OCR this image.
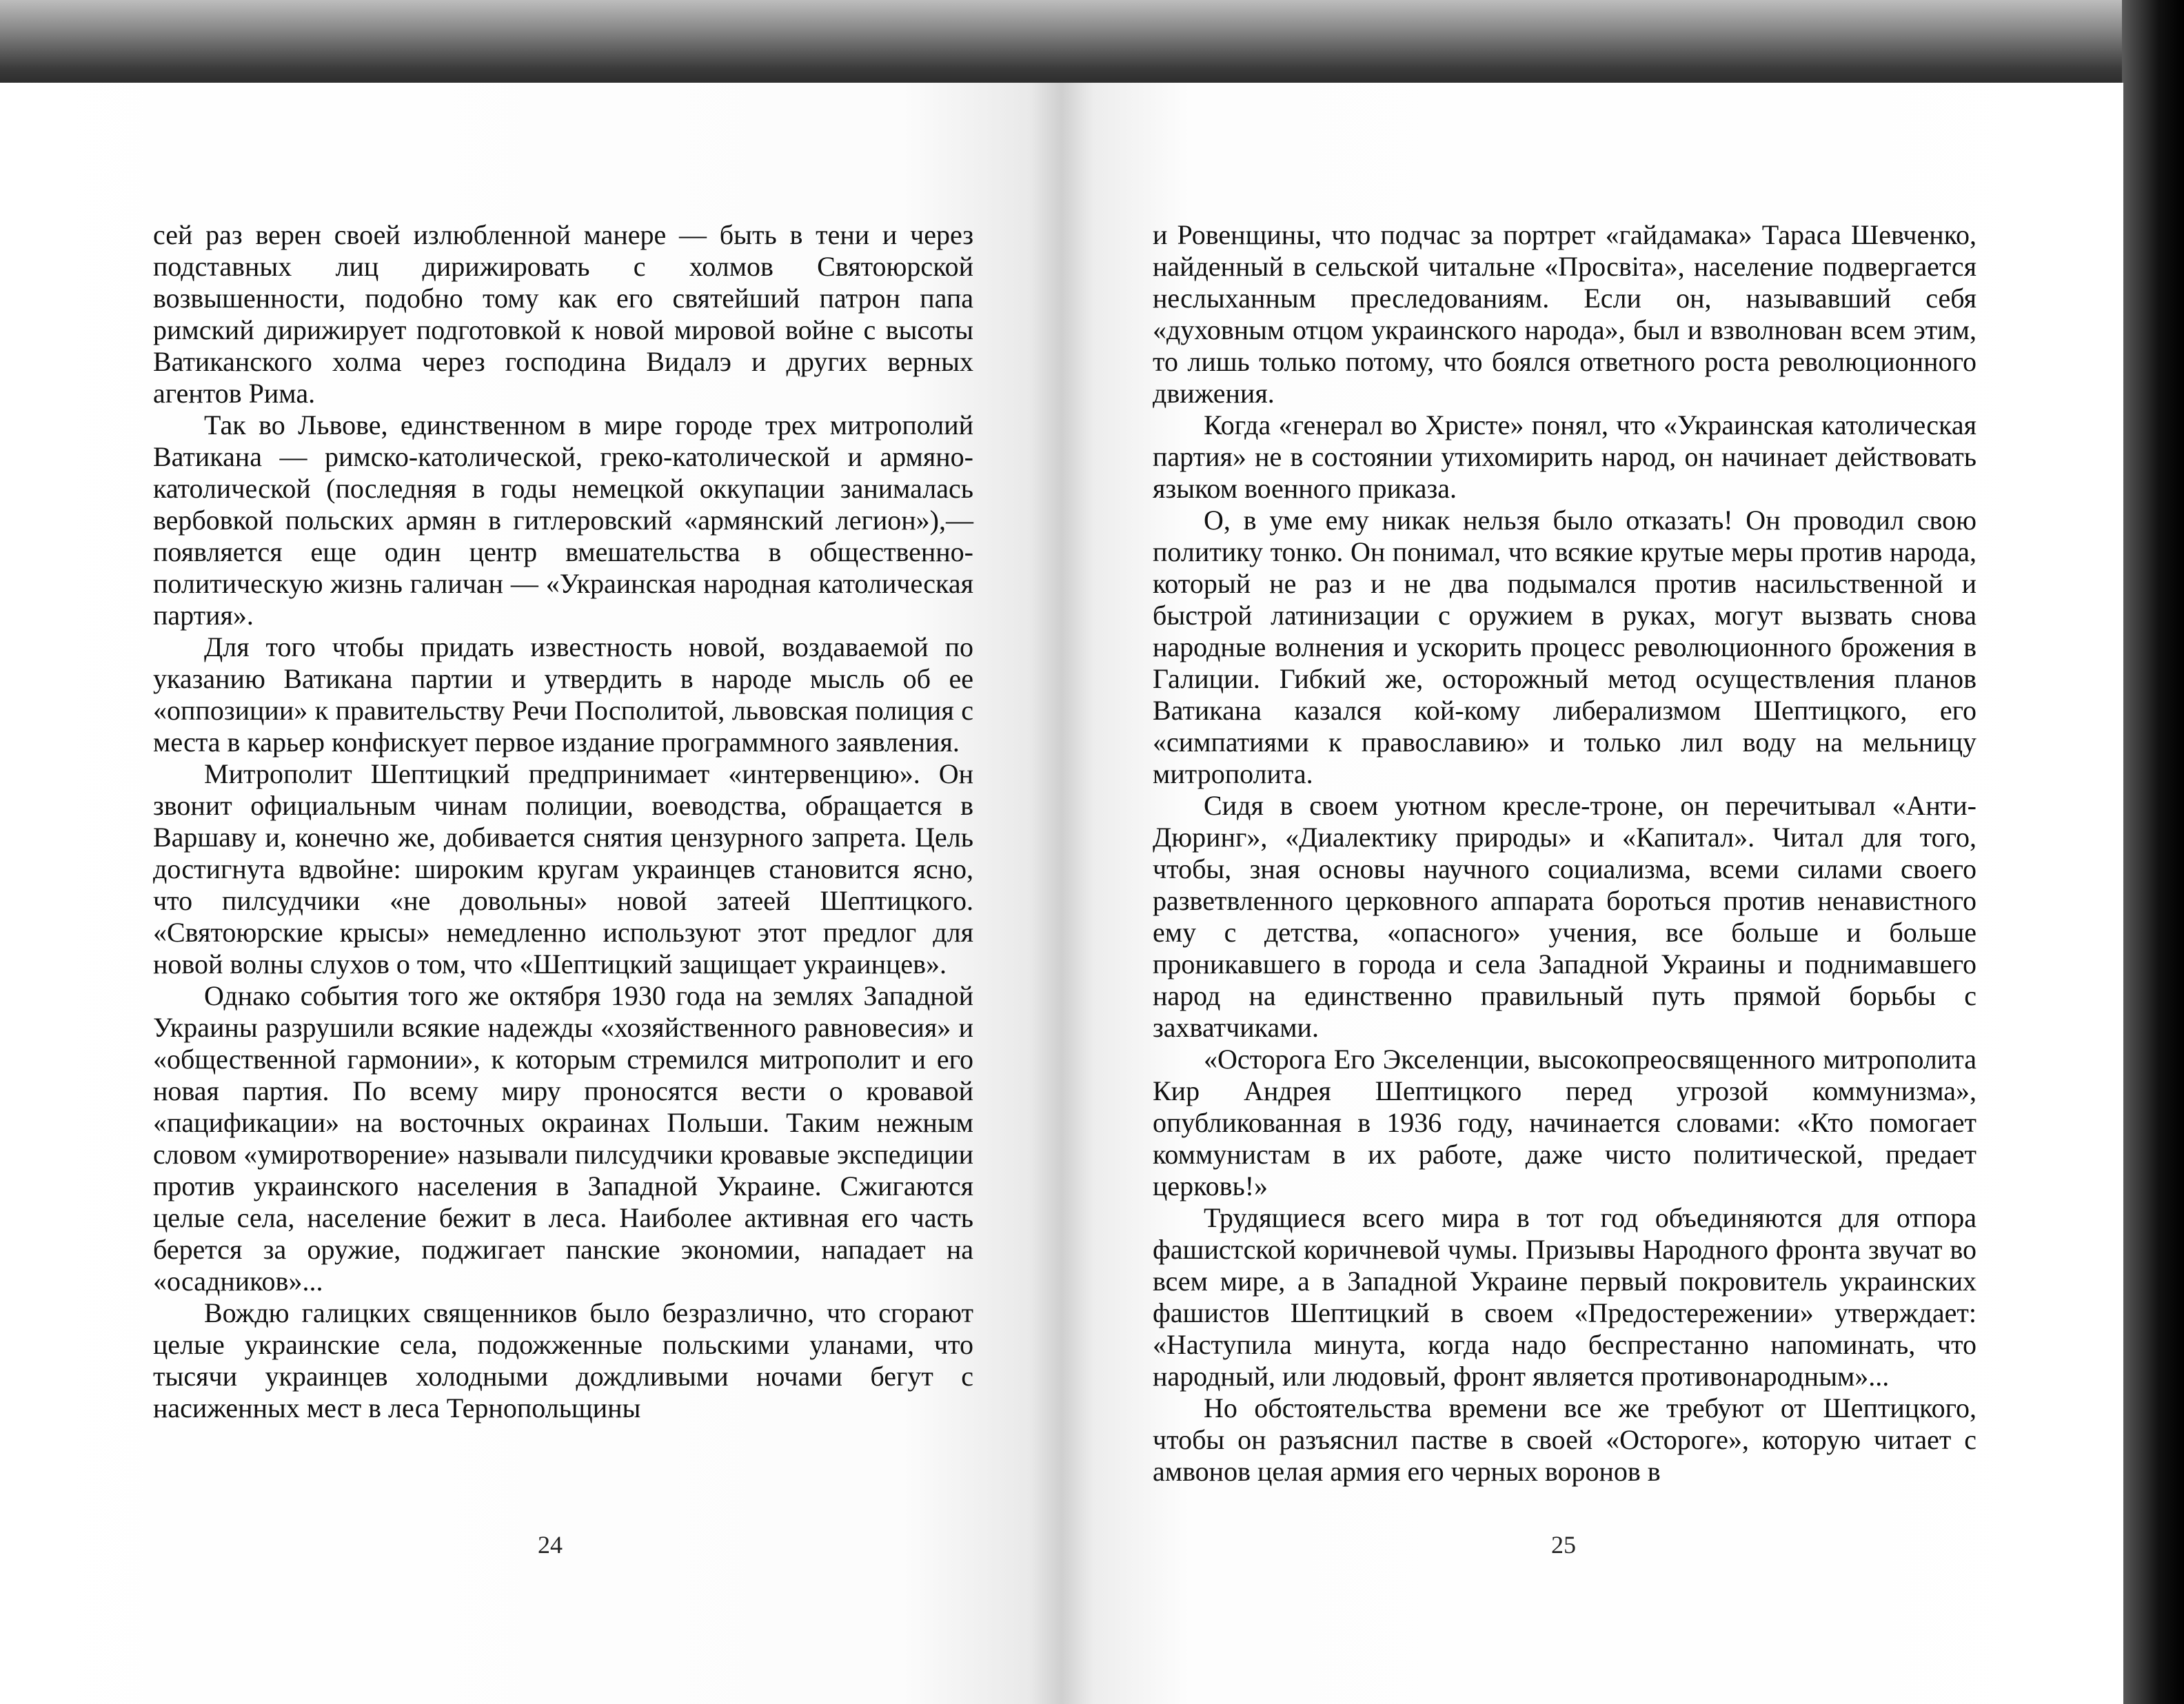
сей раз верен своей излюбленной манере — быть в тени и через подставных лиц дирижировать с холмов Святоюрской возвышенности, подобно тому как его святейший патрон папа римский дирижирует подготовкой к новой мировой войне с высоты Ватиканского холма через господина Видалэ и других верных агентов Рима.

Так во Львове, единственном в мире городе трех митрополий Ватикана — римско-католической, греко-католической и армяно-католической (последняя в годы немецкой оккупации занималась вербовкой польских армян в гитлеровский «армянский легион»),— появляется еще один центр вмешательства в общественно-политическую жизнь галичан — «Украинская народная католическая партия».

Для того чтобы придать известность новой, воздаваемой по указанию Ватикана партии и утвердить в народе мысль об ее «оппозиции» к правительству Речи Посполитой, львовская полиция с места в карьер конфискует первое издание программного заявления.

Митрополит Шептицкий предпринимает «интервенцию». Он звонит официальным чинам полиции, воеводства, обращается в Варшаву и, конечно же, добивается снятия цензурного запрета. Цель достигнута вдвойне: широким кругам украинцев становится ясно, что пилсудчики «не довольны» новой затеей Шептицкого. «Святоюрские крысы» немедленно используют этот предлог для новой волны слухов о том, что «Шептицкий защищает украинцев».

Однако события того же октября 1930 года на землях Западной Украины разрушили всякие надежды «хозяйственного равновесия» и «общественной гармонии», к которым стремился митрополит и его новая партия. По всему миру проносятся вести о кровавой «пацификации» на восточных окраинах Польши. Таким нежным словом «умиротворение» называли пилсудчики кровавые экспедиции против украинского населения в Западной Украине. Сжигаются целые села, население бежит в леса. Наиболее активная его часть берется за оружие, поджигает панские экономии, нападает на «осадников»...

Вождю галицких священников было безразлично, что сгорают целые украинские села, подожженные польскими уланами, что тысячи украинцев холодными дождливыми ночами бегут с насиженных мест в леса Тернопольщины

24

и Ровенщины, что подчас за портрет «гайдамака» Тараса Шевченко, найденный в сельской читальне «Просвiта», население подвергается неслыханным преследованиям. Если он, называвший себя «духовным отцом украинского народа», был и взволнован всем этим, то лишь только потому, что боялся ответного роста революционного движения.

Когда «генерал во Христе» понял, что «Украинская католическая партия» не в состоянии утихомирить народ, он начинает действовать языком военного приказа.

О, в уме ему никак нельзя было отказать! Он проводил свою политику тонко. Он понимал, что всякие крутые меры против народа, который не раз и не два подымался против насильственной и быстрой латинизации с оружием в руках, могут вызвать снова народные волнения и ускорить процесс революционного брожения в Галиции. Гибкий же, осторожный метод осуществления планов Ватикана казался кой-кому либерализмом Шептицкого, его «симпатиями к православию» и только лил воду на мельницу митрополита.

Сидя в своем уютном кресле-троне, он перечитывал «Анти-Дюринг», «Диалектику природы» и «Капитал». Читал для того, чтобы, зная основы научного социализма, всеми силами своего разветвленного церковного аппарата бороться против ненавистного ему с детства, «опасного» учения, все больше и больше проникавшего в города и села Западной Украины и поднимавшего народ на единственно правильный путь прямой борьбы с захватчиками.

«Осторога Его Экселенции, высокопреосвященного митрополита Кир Андрея Шептицкого перед угрозой коммунизма», опубликованная в 1936 году, начинается словами: «Кто помогает коммунистам в их работе, даже чисто политической, предает церковь!»

Трудящиеся всего мира в тот год объединяются для отпора фашистской коричневой чумы. Призывы Народного фронта звучат во всем мире, а в Западной Украине первый покровитель украинских фашистов Шептицкий в своем «Предостережении» утверждает: «Наступила минута, когда надо беспрестанно напоминать, что народный, или людовый, фронт является противонародным»...

Но обстоятельства времени все же требуют от Шептицкого, чтобы он разъяснил пастве в своей «Осторогe», которую читает с амвонов целая армия его черных воронов в

25
